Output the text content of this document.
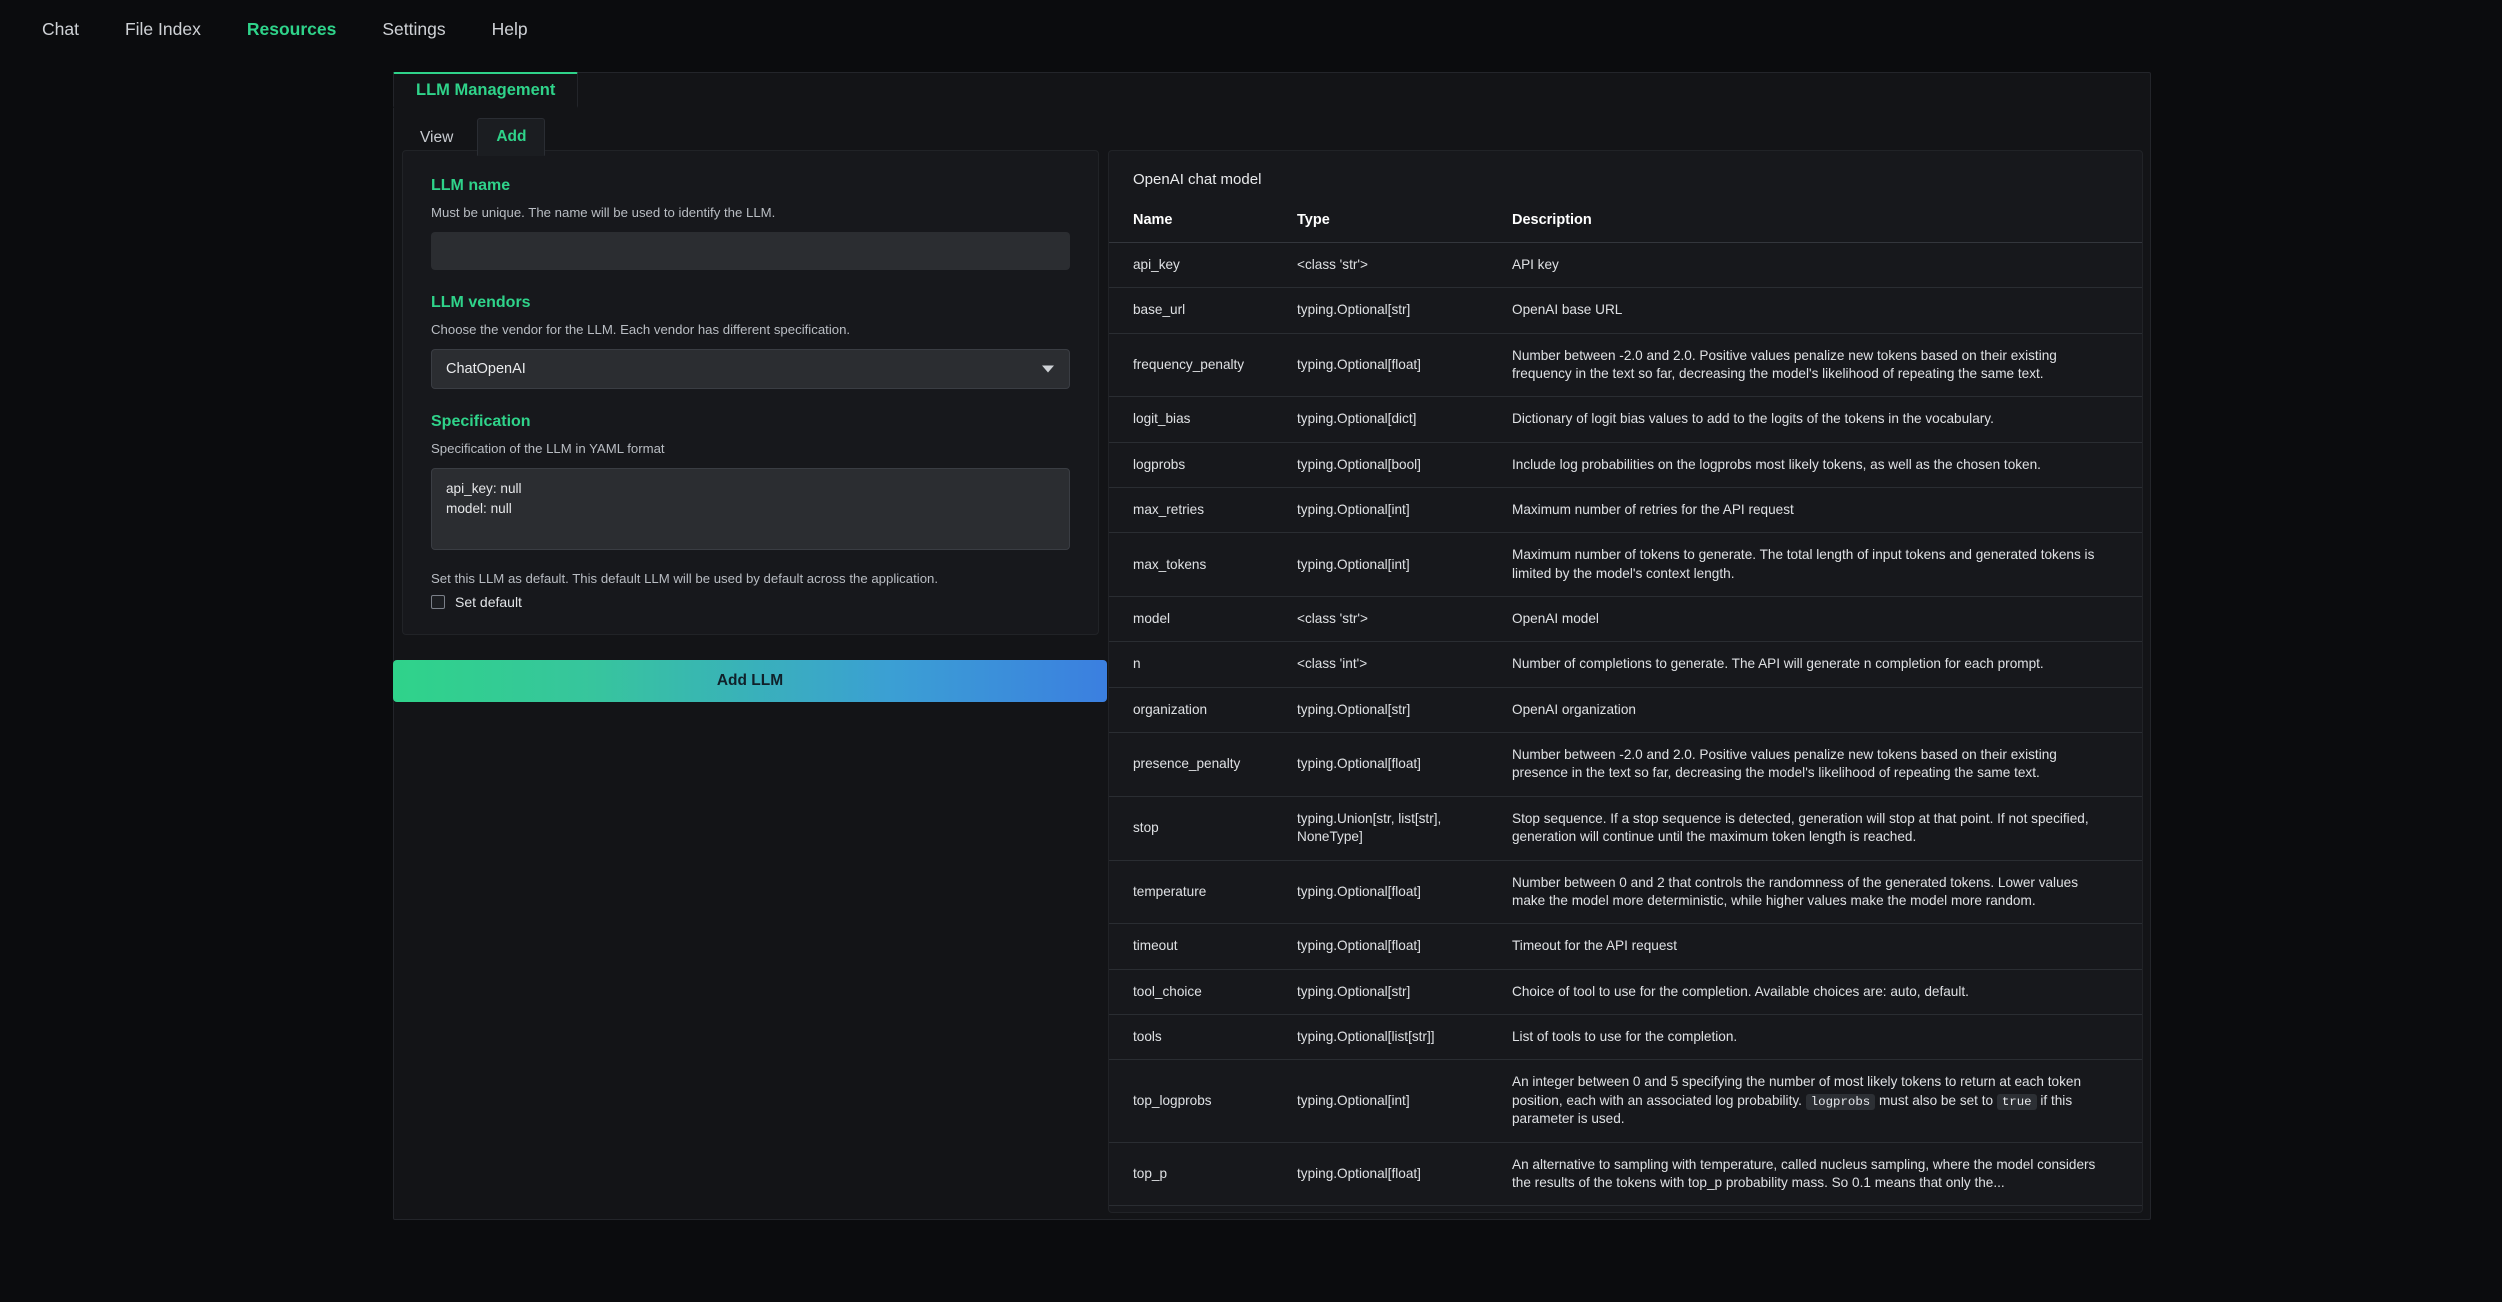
Chat	File Index	Resources	Settings	Help
LLM Management
View	Add
LLM name
Must be unique. The name will be used to identify the LLM.
LLM vendors
Choose the vendor for the LLM. Each vendor has different specification.
ChatOpenAI
Specification
Specification of the LLM in YAML format
api_key: null model: null
Set this LLM as default. This default LLM will be used by default across the application.
Set default
Add LLM
OpenAI chat model
Name	Type	Description
api_key	<class 'str'>	API key
base_url	typing.Optional[str]	OpenAI base URL
frequency_penalty	typing.Optional[float]	Number between -2.0 and 2.0. Positive values penalize new tokens based on their existing frequency in the text so far, decreasing the model's likelihood of repeating the same text.
logit_bias	typing.Optional[dict]	Dictionary of logit bias values to add to the logits of the tokens in the vocabulary.
logprobs	typing.Optional[bool]	Include log probabilities on the logprobs most likely tokens, as well as the chosen token.
max_retries	typing.Optional[int]	Maximum number of retries for the API request
max_tokens	typing.Optional[int]	Maximum number of tokens to generate. The total length of input tokens and generated tokens is limited by the model's context length.
model	<class 'str'>	OpenAI model
n	<class 'int'>	Number of completions to generate. The API will generate n completion for each prompt.
organization	typing.Optional[str]	OpenAI organization
presence_penalty	typing.Optional[float]	Number between -2.0 and 2.0. Positive values penalize new tokens based on their existing presence in the text so far, decreasing the model's likelihood of repeating the same text.
stop	typing.Union[str, list[str], NoneType]	Stop sequence. If a stop sequence is detected, generation will stop at that point. If not specified, generation will continue until the maximum token length is reached.
temperature	typing.Optional[float]	Number between 0 and 2 that controls the randomness of the generated tokens. Lower values make the model more deterministic, while higher values make the model more random.
timeout	typing.Optional[float]	Timeout for the API request
tool_choice	typing.Optional[str]	Choice of tool to use for the completion. Available choices are: auto, default.
tools	typing.Optional[list[str]]	List of tools to use for the completion.
top_logprobs	typing.Optional[int]	An integer between 0 and 5 specifying the number of most likely tokens to return at each token position, each with an associated log probability. logprobs must also be set to true if this parameter is used.
top_p	typing.Optional[float]	An alternative to sampling with temperature, called nucleus sampling, where the model considers the results of the tokens with top_p probability mass. So 0.1 means that only the...
